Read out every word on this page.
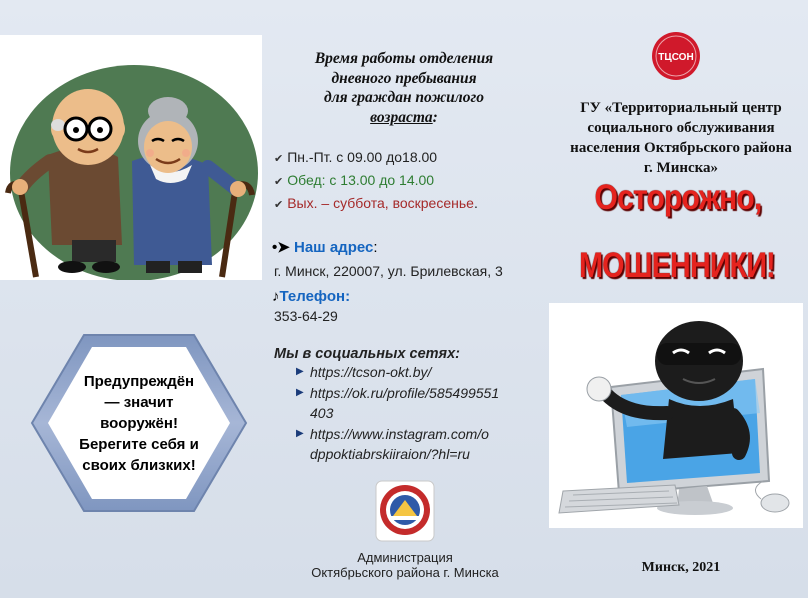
Предупреждён
— значит
вооружён!
Берегите себя и
своих близких!
Время работы отделения
дневного пребывания
для граждан пожилого
возраста:
✔ Пн.-Пт. с 09.00 до18.00
✔ Обед: с 13.00 до 14.00
✔ Вых. – суббота, воскресенье.
•➤ Наш адрес:
г. Минск, 220007, ул. Брилевская, 3
♪Телефон:
353-64-29
Мы в социальных сетях:
▶ https://tcson-okt.by/
▶ https://ok.ru/profile/585499551
403
▶ https://www.instagram.com/o
dppoktiabrskiiraion/?hl=ru
Администрация
Октябрьского района г. Минска
ТЦСОН
ГУ «Территориальный центр
социального обслуживания
населения Октябрьского района
г. Минска»
Осторожно,
МОШЕННИКИ!
Минск, 2021
